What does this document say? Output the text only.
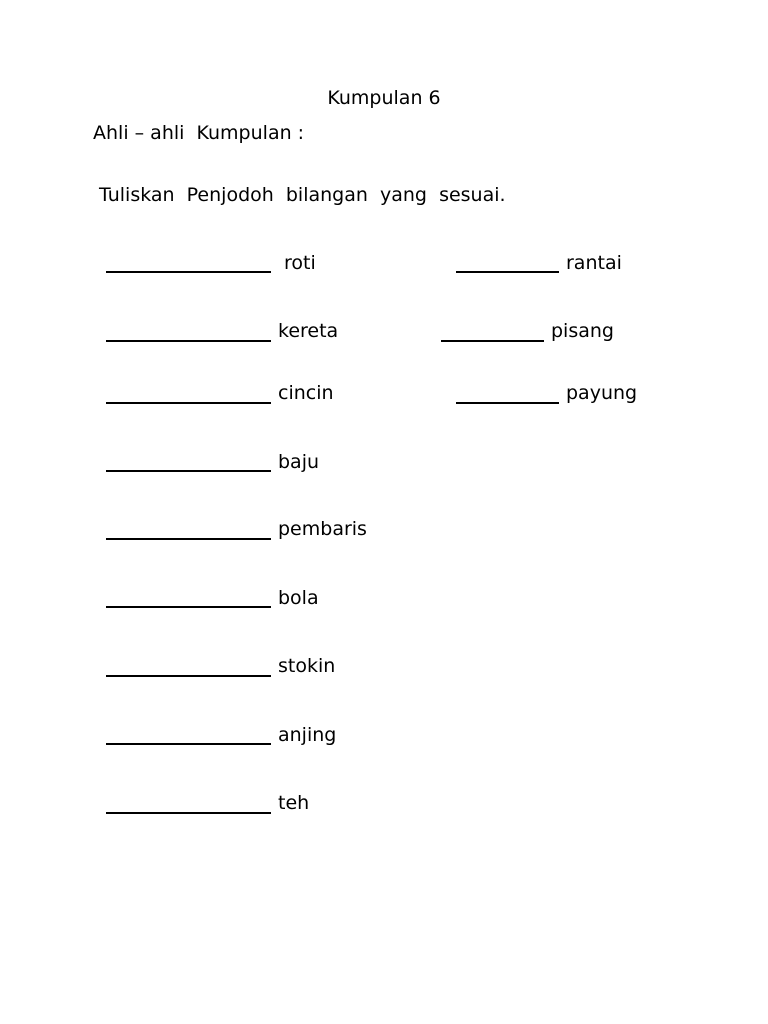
Kumpulan 6
Ahli – ahli  Kumpulan :
Tuliskan  Penjodoh  bilangan  yang  sesuai.
roti
kereta
cincin
baju
pembaris
bola
stokin
anjing
teh
rantai
pisang
payung
